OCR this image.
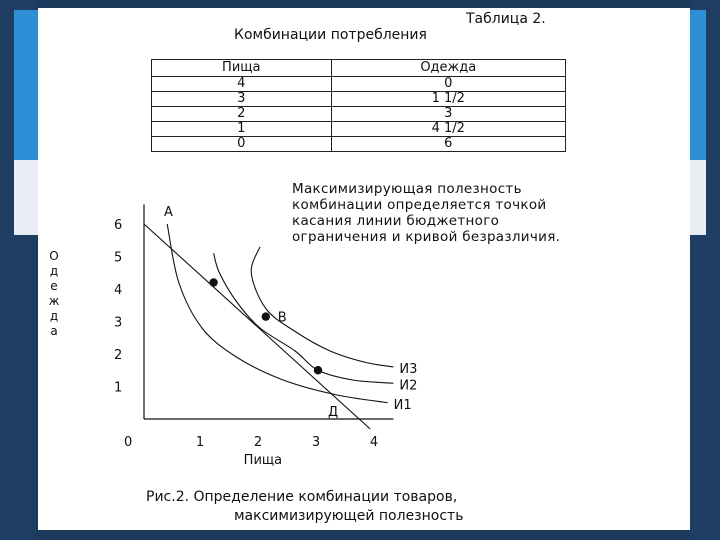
Таблица 2.
Комбинации потребления
Пища	Одежда
4	0
3	1 1/2
2	3
1	4 1/2
0	6
Максимизирующая полезность
комбинации определяется точкой
касания линии бюджетного
ограничения и кривой безразличия.
1	2	3	4
1
2
3
4
5
6
0
Пища
О
д
е
ж
д
а
И1
И2
И3
А
Д
В
Рис.2. Определение комбинации товаров,
максимизирующей полезность
